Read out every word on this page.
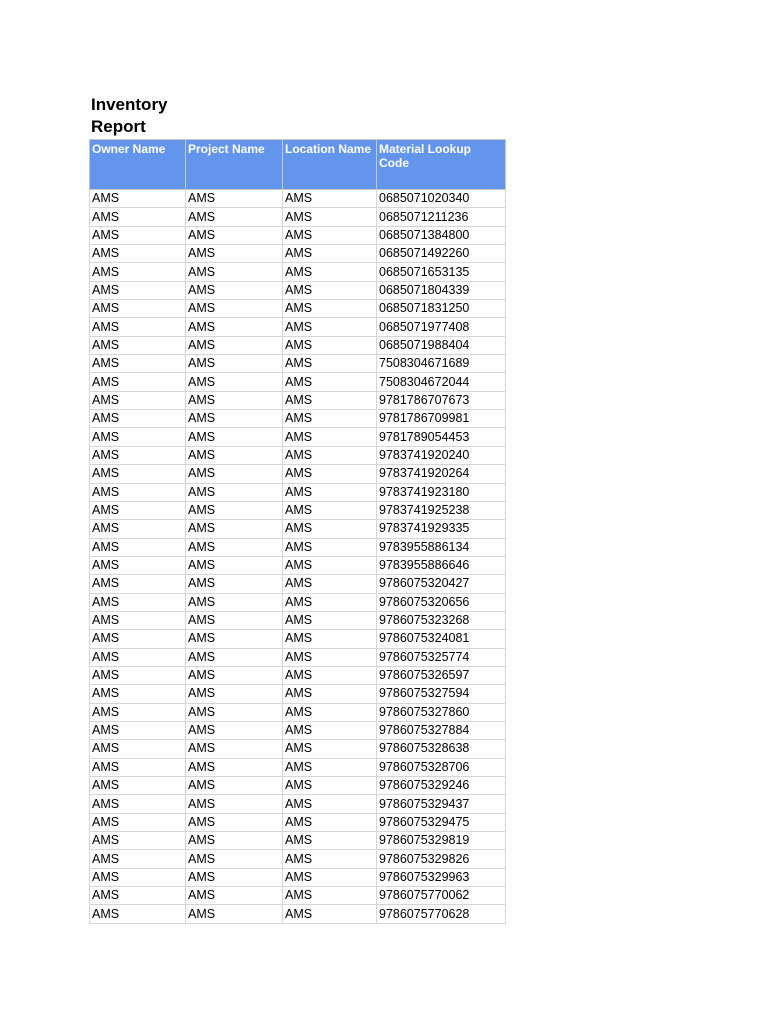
Inventory
Report
Owner Name	Project Name	Location Name	Material Lookup Code
AMS	AMS	AMS	0685071020340
AMS	AMS	AMS	0685071211236
AMS	AMS	AMS	0685071384800
AMS	AMS	AMS	0685071492260
AMS	AMS	AMS	0685071653135
AMS	AMS	AMS	0685071804339
AMS	AMS	AMS	0685071831250
AMS	AMS	AMS	0685071977408
AMS	AMS	AMS	0685071988404
AMS	AMS	AMS	7508304671689
AMS	AMS	AMS	7508304672044
AMS	AMS	AMS	9781786707673
AMS	AMS	AMS	9781786709981
AMS	AMS	AMS	9781789054453
AMS	AMS	AMS	9783741920240
AMS	AMS	AMS	9783741920264
AMS	AMS	AMS	9783741923180
AMS	AMS	AMS	9783741925238
AMS	AMS	AMS	9783741929335
AMS	AMS	AMS	9783955886134
AMS	AMS	AMS	9783955886646
AMS	AMS	AMS	9786075320427
AMS	AMS	AMS	9786075320656
AMS	AMS	AMS	9786075323268
AMS	AMS	AMS	9786075324081
AMS	AMS	AMS	9786075325774
AMS	AMS	AMS	9786075326597
AMS	AMS	AMS	9786075327594
AMS	AMS	AMS	9786075327860
AMS	AMS	AMS	9786075327884
AMS	AMS	AMS	9786075328638
AMS	AMS	AMS	9786075328706
AMS	AMS	AMS	9786075329246
AMS	AMS	AMS	9786075329437
AMS	AMS	AMS	9786075329475
AMS	AMS	AMS	9786075329819
AMS	AMS	AMS	9786075329826
AMS	AMS	AMS	9786075329963
AMS	AMS	AMS	9786075770062
AMS	AMS	AMS	9786075770628
